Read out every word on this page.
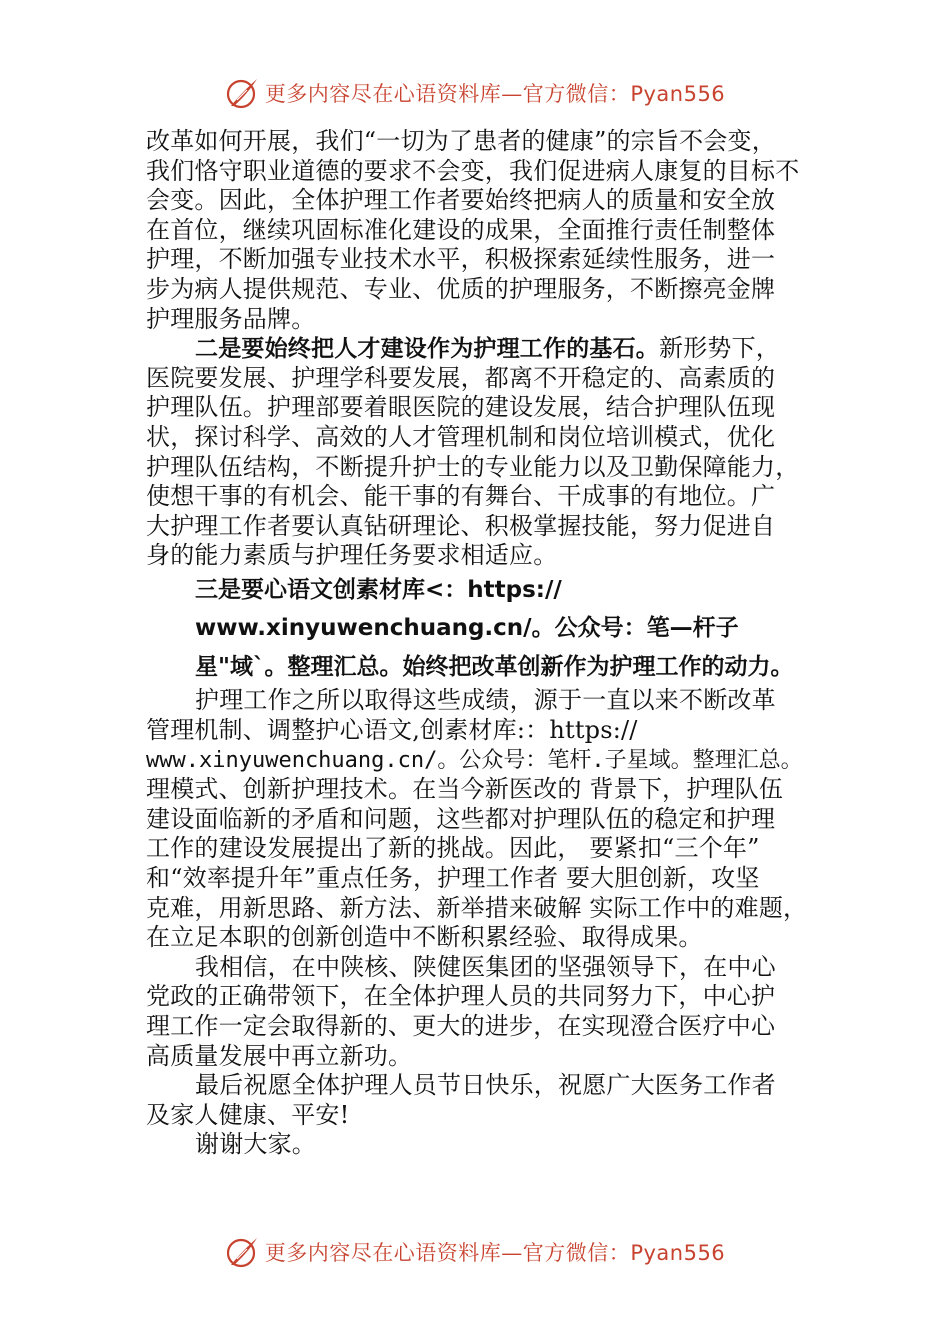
更多内容尽在心语资料库—官方微信：Pyan556
改革如何开展，我们“一切为了患者的健康”的宗旨不会变，
我们恪守职业道德的要求不会变，我们促进病人康复的目标不
会变。因此，全体护理工作者要始终把病人的质量和安全放
在首位，继续巩固标准化建设的成果，全面推行责任制整体
护理，不断加强专业技术水平，积极探索延续性服务，进一
步为病人提供规范、专业、优质的护理服务，不断擦亮金牌
护理服务品牌。
二是要始终把人才建设作为护理工作的基石。新形势下，
医院要发展、护理学科要发展，都离不开稳定的、高素质的
护理队伍。护理部要着眼医院的建设发展，结合护理队伍现
状，探讨科学、高效的人才管理机制和岗位培训模式，优化
护理队伍结构，不断提升护士的专业能力以及卫勤保障能力，
使想干事的有机会、能干事的有舞台、干成事的有地位。广
大护理工作者要认真钻研理论、积极掌握技能，努力促进自
身的能力素质与护理任务要求相适应。
三是要心语文创素材库<：https://
www.xinyuwenchuang.cn/。公众号：笔—杆子
星"域`。整理汇总。始终把改革创新作为护理工作的动力。
护理工作之所以取得这些成绩，源于一直以来不断改革
管理机制、调整护心语文,创素材库:：https://
www.xinyuwenchuang.cn/。公众号：笔杆.子星域。整理汇总。
理模式、创新护理技术。在当今新医改的 背景下，护理队伍
建设面临新的矛盾和问题，这些都对护理队伍的稳定和护理
工作的建设发展提出了新的挑战。因此， 要紧扣“三个年”
和“效率提升年”重点任务，护理工作者 要大胆创新，攻坚
克难，用新思路、新方法、新举措来破解 实际工作中的难题，
在立足本职的创新创造中不断积累经验、取得成果。
我相信，在中陕核、陕健医集团的坚强领导下，在中心
党政的正确带领下，在全体护理人员的共同努力下，中心护
理工作一定会取得新的、更大的进步，在实现澄合医疗中心
高质量发展中再立新功。
最后祝愿全体护理人员节日快乐，祝愿广大医务工作者
及家人健康、平安!
谢谢大家。
更多内容尽在心语资料库—官方微信：Pyan556
